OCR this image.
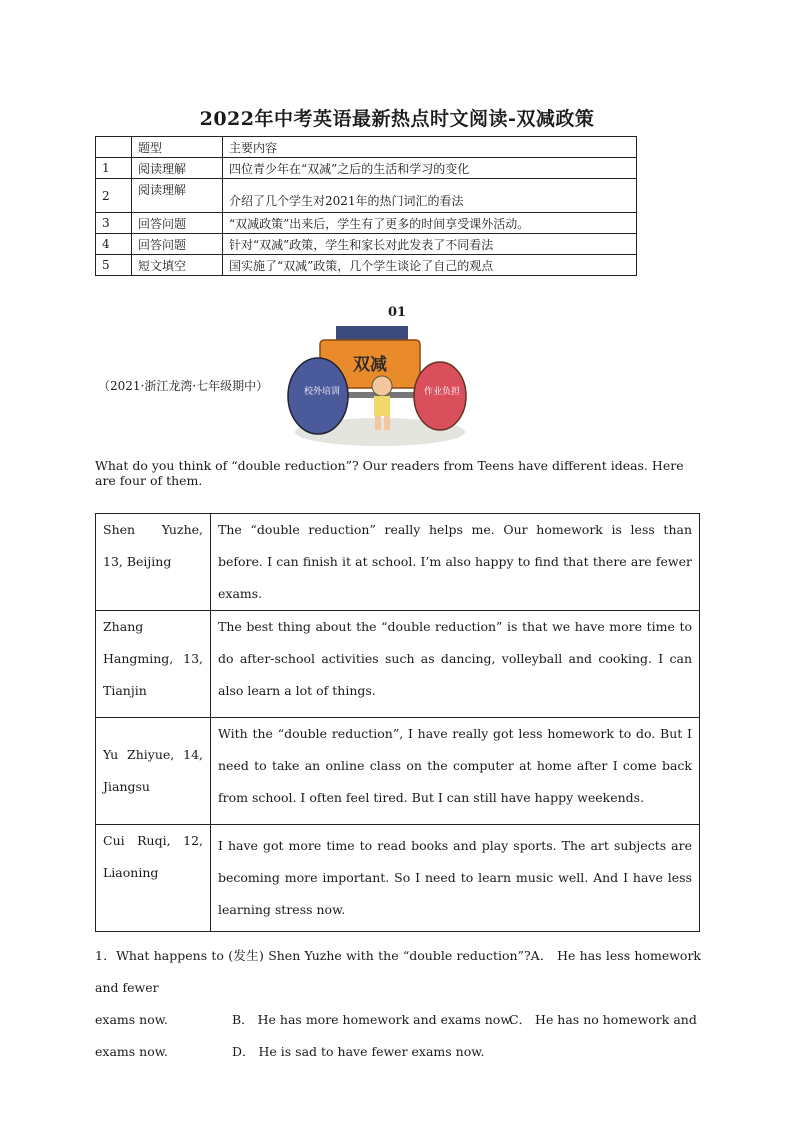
2022年中考英语最新热点时文阅读-双减政策
	题型	主要内容
1	阅读理解	四位青少年在“双减”之后的生活和学习的变化
2	阅读理解	介绍了几个学生对2021年的热门词汇的看法
3	回答问题	“双减政策”出来后，学生有了更多的时间享受课外活动。
4	回答问题	针对“双减”政策，学生和家长对此发表了不同看法
5	短文填空	国实施了“双减”政策，几个学生谈论了自己的观点
01
（2021·浙江龙湾·七年级期中）
双减
校外培训	作业负担
What do you think of “double reduction”? Our readers from Teens have different ideas. Here are four of them.
Shen Yuzhe, 13, Beijing	The “double reduction” really helps me. Our homework is less than before. I can finish it at school. I’m also happy to find that there are fewer exams.
Zhang Hangming, 13, Tianjin	The best thing about the “double reduction” is that we have more time to do after-school activities such as dancing, volleyball and cooking. I can also learn a lot of things.
Yu Zhiyue, 14, Jiangsu	With the “double reduction”, I have really got less homework to do. But I need to take an online class on the computer at home after I come back from school. I often feel tired. But I can still have happy weekends.
Cui Ruqi, 12, Liaoning	I have got more time to read books and play sports. The art subjects are becoming more important. So I need to learn music well. And I have less learning stress now.
1．What happens to (发生) Shen Yuzhe with the “double reduction”?A． He has less homework and fewer
exams now.	B． He has more homework and exams now.
C． He has no homework and
exams now.	D． He is sad to have fewer exams now.
